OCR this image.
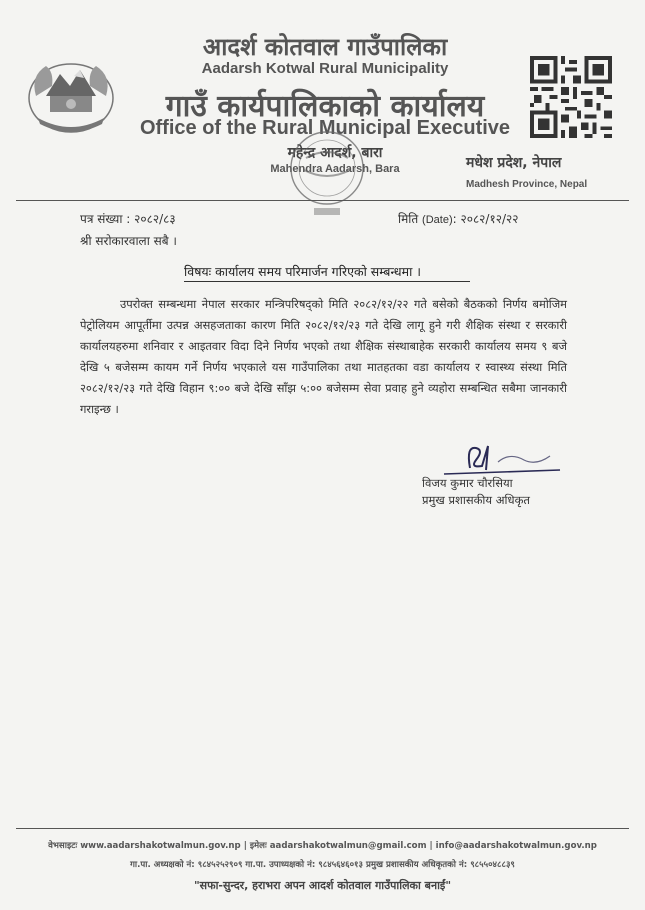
आदर्श कोतवाल गाउँपालिका
Aadarsh Kotwal Rural Municipality
गाउँ कार्यपालिकाको कार्यालय
Office of the Rural Municipal Executive
महेन्द्र आदर्श, बारा
Mahendra Aadarsh, Bara	मधेश प्रदेश, नेपाल
Madhesh Province, Nepal
पत्र संख्या : २०८२/८३	मिति (Date): २०८२/१२/२२
श्री सरोकारवाला सबै ।
विषयः कार्यालय समय परिमार्जन गरिएको सम्बन्धमा ।

उपरोक्त सम्बन्धमा नेपाल सरकार मन्त्रिपरिषद्को मिति २०८२/१२/२२ गते बसेको बैठकको निर्णय बमोजिम पेट्रोलियम आपूर्तीमा उत्पन्न असहजताका कारण मिति २०८२/१२/२३ गते देखि लागू हुने गरी शैक्षिक संस्था र सरकारी कार्यालयहरुमा शनिवार र आइतवार विदा दिने निर्णय भएको तथा शैक्षिक संस्थाबाहेक सरकारी कार्यालय समय ९ बजे देखि ५ बजेसम्म कायम गर्ने निर्णय भएकाले यस गाउँपालिका तथा मातहतका वडा कार्यालय र स्वास्थ्य संस्था मिति २०८२/१२/२३ गते देखि विहान ९:०० बजे देखि साँझ ५:०० बजेसम्म सेवा प्रवाह हुने व्यहोरा सम्बन्धित सबैमा जानकारी गराइन्छ ।

विजय कुमार चौरसिया
प्रमुख प्रशासकीय अधिकृत
वेभसाइटः www.aadarshakotwalmun.gov.np | इमेलः aadarshakotwalmun@gmail.com | info@aadarshakotwalmun.gov.np
गा.पा. अध्यक्षको नं: ९८४५२५२९०९ गा.पा. उपाध्यक्षको नं: ९८४५६४६०१३ प्रमुख प्रशासकीय अधिकृतको नं: ९८५५०४८८३९
"सफा-सुन्दर, हराभरा अपन आदर्श कोतवाल गाउँपालिका बनाईं"
